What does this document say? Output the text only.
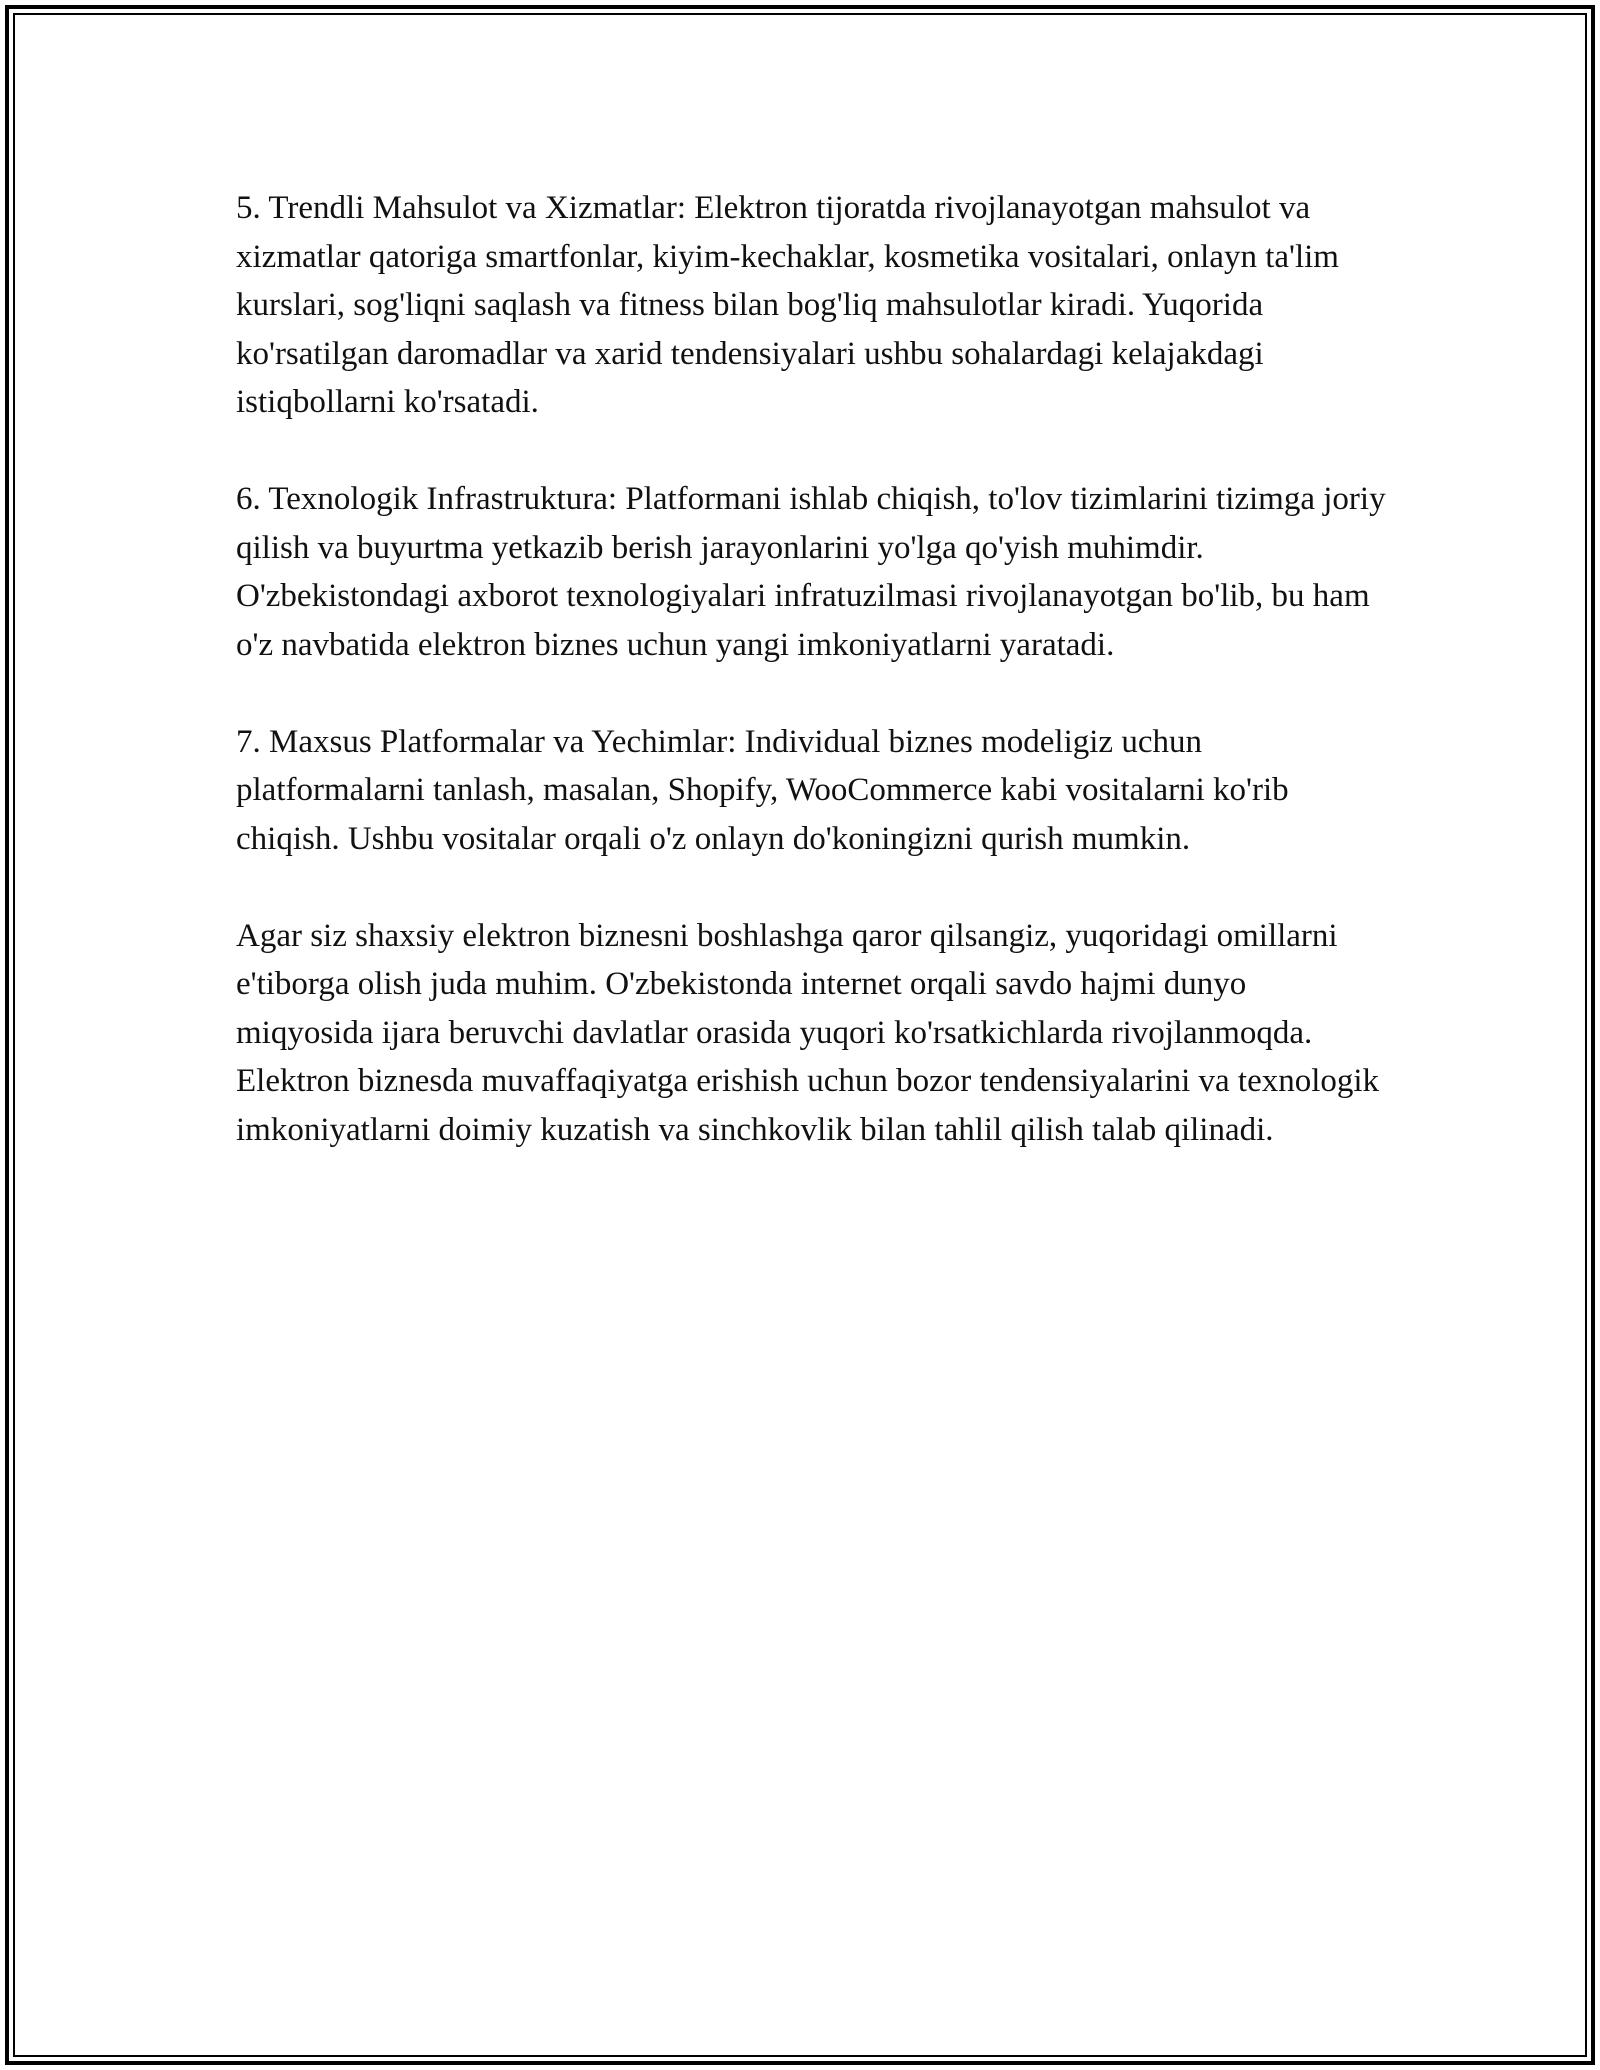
5. Trendli Mahsulot va Xizmatlar: Elektron tijoratda rivojlanayotgan mahsulot va xizmatlar qatoriga smartfonlar, kiyim-kechaklar, kosmetika vositalari, onlayn ta'lim kurslari, sog'liqni saqlash va fitness bilan bog'liq mahsulotlar kiradi. Yuqorida ko'rsatilgan daromadlar va xarid tendensiyalari ushbu sohalardagi kelajakdagi istiqbollarni ko'rsatadi.

6. Texnologik Infrastruktura: Platformani ishlab chiqish, to'lov tizimlarini tizimga joriy qilish va buyurtma yetkazib berish jarayonlarini yo'lga qo'yish muhimdir. O'zbekistondagi axborot texnologiyalari infratuzilmasi rivojlanayotgan bo'lib, bu ham o'z navbatida elektron biznes uchun yangi imkoniyatlarni yaratadi.

7. Maxsus Platformalar va Yechimlar: Individual biznes modeligiz uchun platformalarni tanlash, masalan, Shopify, WooCommerce kabi vositalarni ko'rib chiqish. Ushbu vositalar orqali o'z onlayn do'koningizni qurish mumkin.

Agar siz shaxsiy elektron biznesni boshlashga qaror qilsangiz, yuqoridagi omillarni e'tiborga olish juda muhim. O'zbekistonda internet orqali savdo hajmi dunyo miqyosida ijara beruvchi davlatlar orasida yuqori ko'rsatkichlarda rivojlanmoqda. Elektron biznesda muvaffaqiyatga erishish uchun bozor tendensiyalarini va texnologik imkoniyatlarni doimiy kuzatish va sinchkovlik bilan tahlil qilish talab qilinadi.
